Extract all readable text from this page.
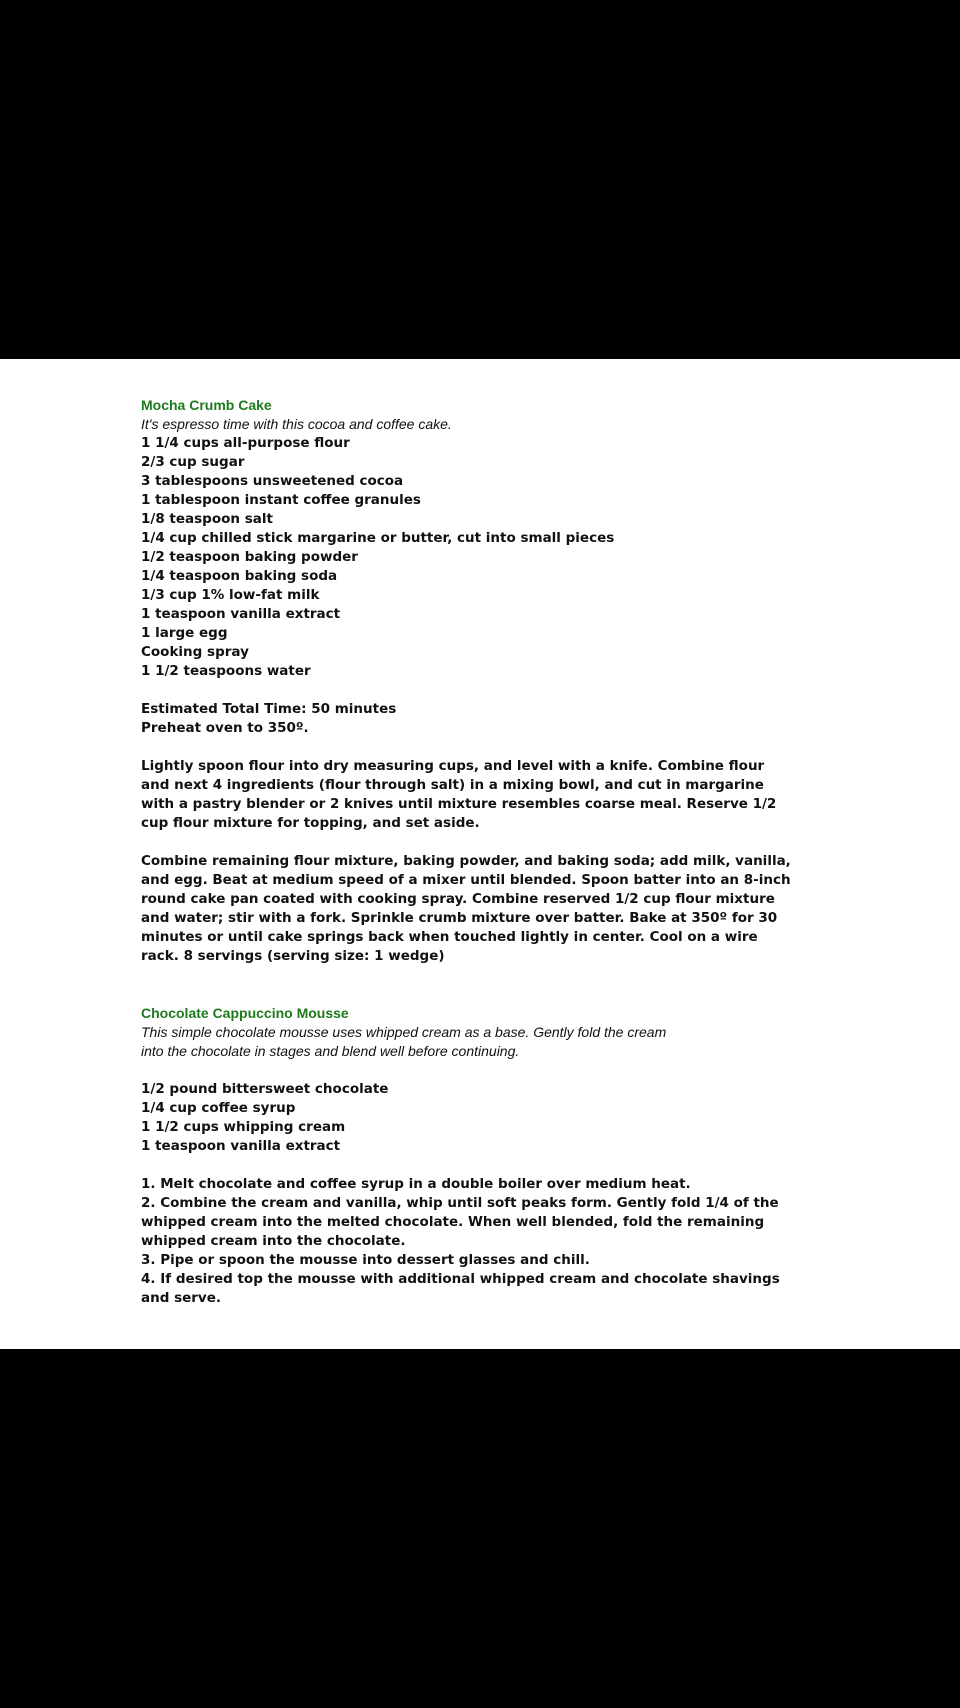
Mocha Crumb Cake

It's espresso time with this cocoa and coffee cake.

1 1/4 cups all-purpose flour

2/3 cup sugar

3 tablespoons unsweetened cocoa

1 tablespoon instant coffee granules

1/8 teaspoon salt

1/4 cup chilled stick margarine or butter, cut into small pieces

1/2 teaspoon baking powder

1/4 teaspoon baking soda

1/3 cup 1% low-fat milk

1 teaspoon vanilla extract

1 large egg

Cooking spray

1 1/2 teaspoons water

Estimated Total Time: 50 minutes

Preheat oven to 350º.

Lightly spoon flour into dry measuring cups, and level with a knife. Combine flour

and next 4 ingredients (flour through salt) in a mixing bowl, and cut in margarine

with a pastry blender or 2 knives until mixture resembles coarse meal. Reserve 1/2

cup flour mixture for topping, and set aside.

Combine remaining flour mixture, baking powder, and baking soda; add milk, vanilla,

and egg. Beat at medium speed of a mixer until blended. Spoon batter into an 8-inch

round cake pan coated with cooking spray. Combine reserved 1/2 cup flour mixture

and water; stir with a fork. Sprinkle crumb mixture over batter. Bake at 350º for 30

minutes or until cake springs back when touched lightly in center. Cool on a wire

rack. 8 servings (serving size: 1 wedge)

Chocolate Cappuccino Mousse

This simple chocolate mousse uses whipped cream as a base. Gently fold the cream

into the chocolate in stages and blend well before continuing.

1/2 pound bittersweet chocolate

1/4 cup coffee syrup

1 1/2 cups whipping cream

1 teaspoon vanilla extract

1. Melt chocolate and coffee syrup in a double boiler over medium heat.

2. Combine the cream and vanilla, whip until soft peaks form. Gently fold 1/4 of the

whipped cream into the melted chocolate. When well blended, fold the remaining

whipped cream into the chocolate.

3. Pipe or spoon the mousse into dessert glasses and chill.

4. If desired top the mousse with additional whipped cream and chocolate shavings

and serve.
